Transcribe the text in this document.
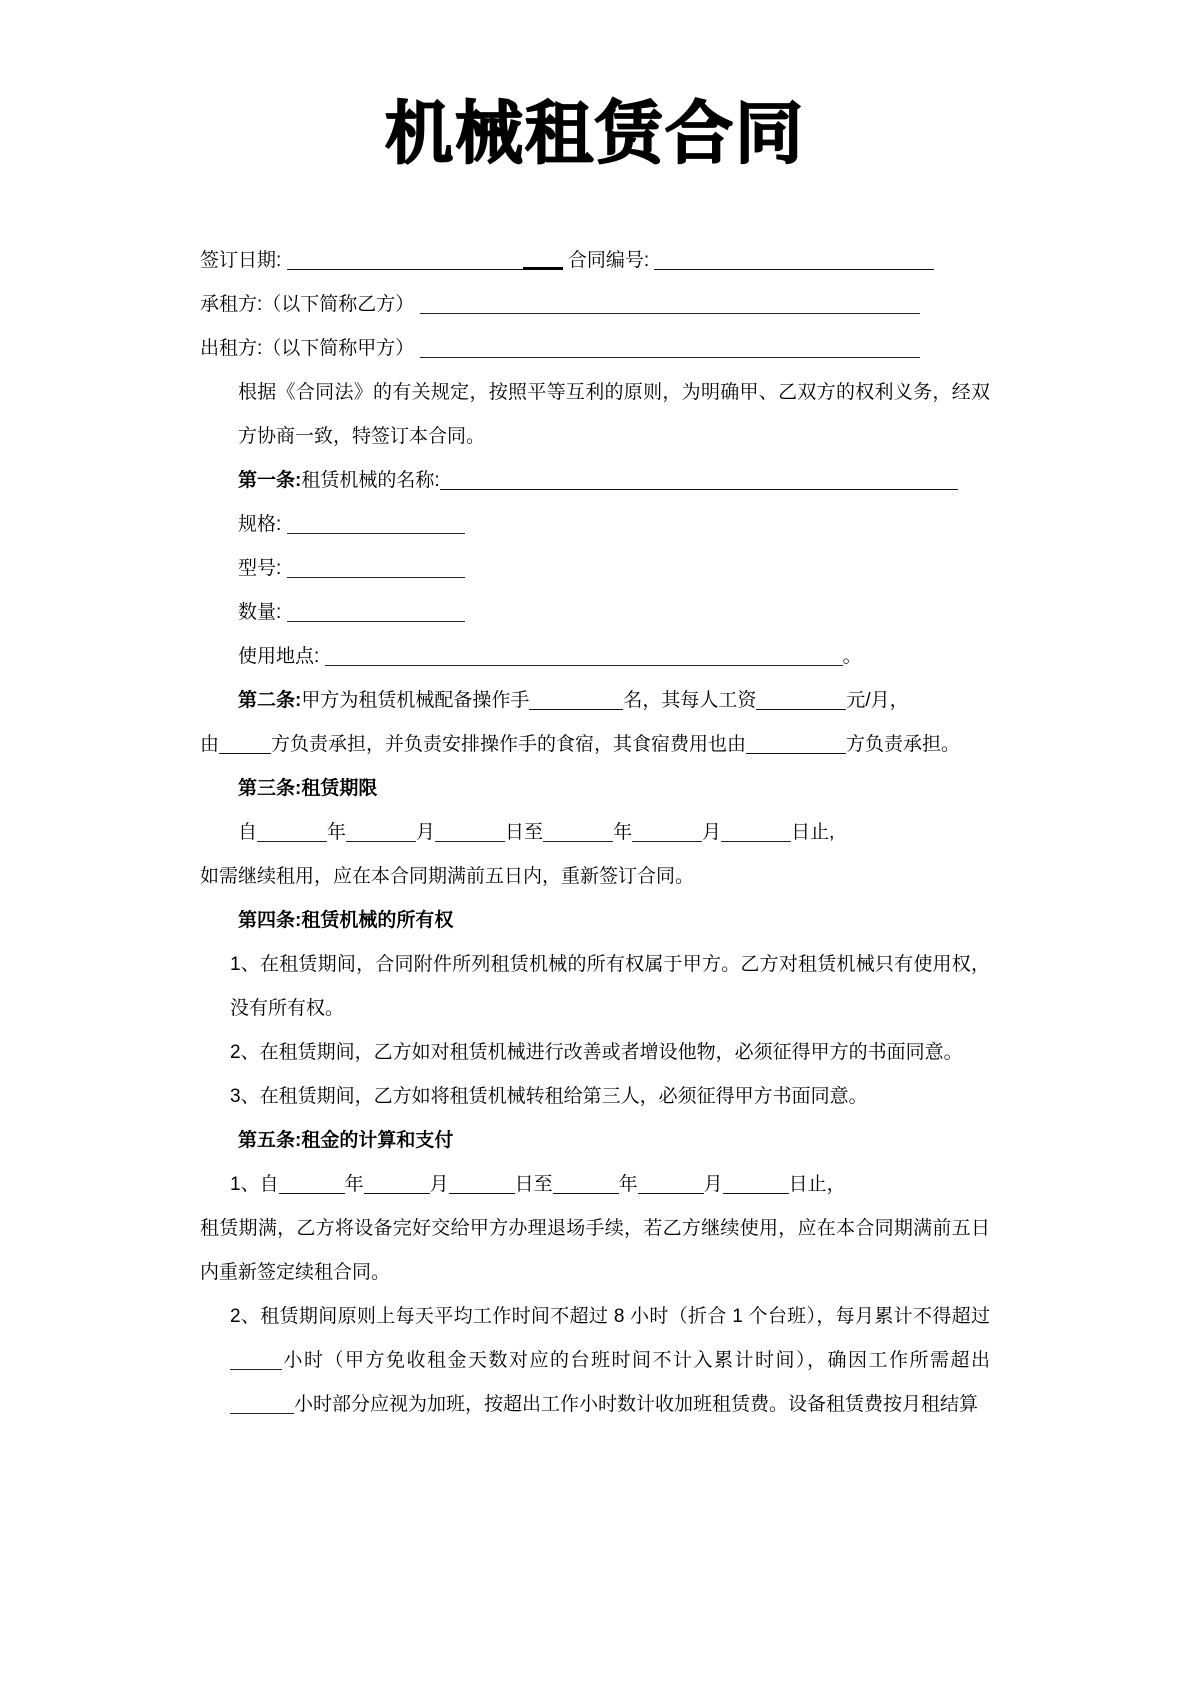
机械租赁合同
签订日期:	合同编号:
承租方:（以下简称乙方）
出租方:（以下简称甲方）

根据《合同法》的有关规定，按照平等互利的原则，为明确甲、乙双方的权利义务，经双方协商一致，特签订本合同。

第一条:租赁机械的名称:
规格:
型号:
数量:
使用地点:	。
第二条:甲方为租赁机械配备操作手	名，其每人工资	元/月，
由	方负责承担，并负责安排操作手的食宿，其食宿费用也由	方负责承担。
第三条:租赁期限
自	年	月	日至	年	月	日止,

如需继续租用，应在本合同期满前五日内，重新签订合同。

第四条:租赁机械的所有权

1、在租赁期间，合同附件所列租赁机械的所有权属于甲方。乙方对租赁机械只有使用权，没有所有权。

2、在租赁期间，乙方如对租赁机械进行改善或者增设他物，必须征得甲方的书面同意。

3、在租赁期间，乙方如将租赁机械转租给第三人，必须征得甲方书面同意。

第五条:租金的计算和支付
1、自	年	月	日至	年	月	日止，

租赁期满，乙方将设备完好交给甲方办理退场手续，若乙方继续使用，应在本合同期满前五日内重新签定续租合同。

2、租赁期间原则上每天平均工作时间不超过 8 小时（折合 1 个台班），每月累计不得超过小时（甲方免收租金天数对应的台班时间不计入累计时间），确因工作所需超出小时部分应视为加班，按超出工作小时数计收加班租赁费。设备租赁费按月租结算
